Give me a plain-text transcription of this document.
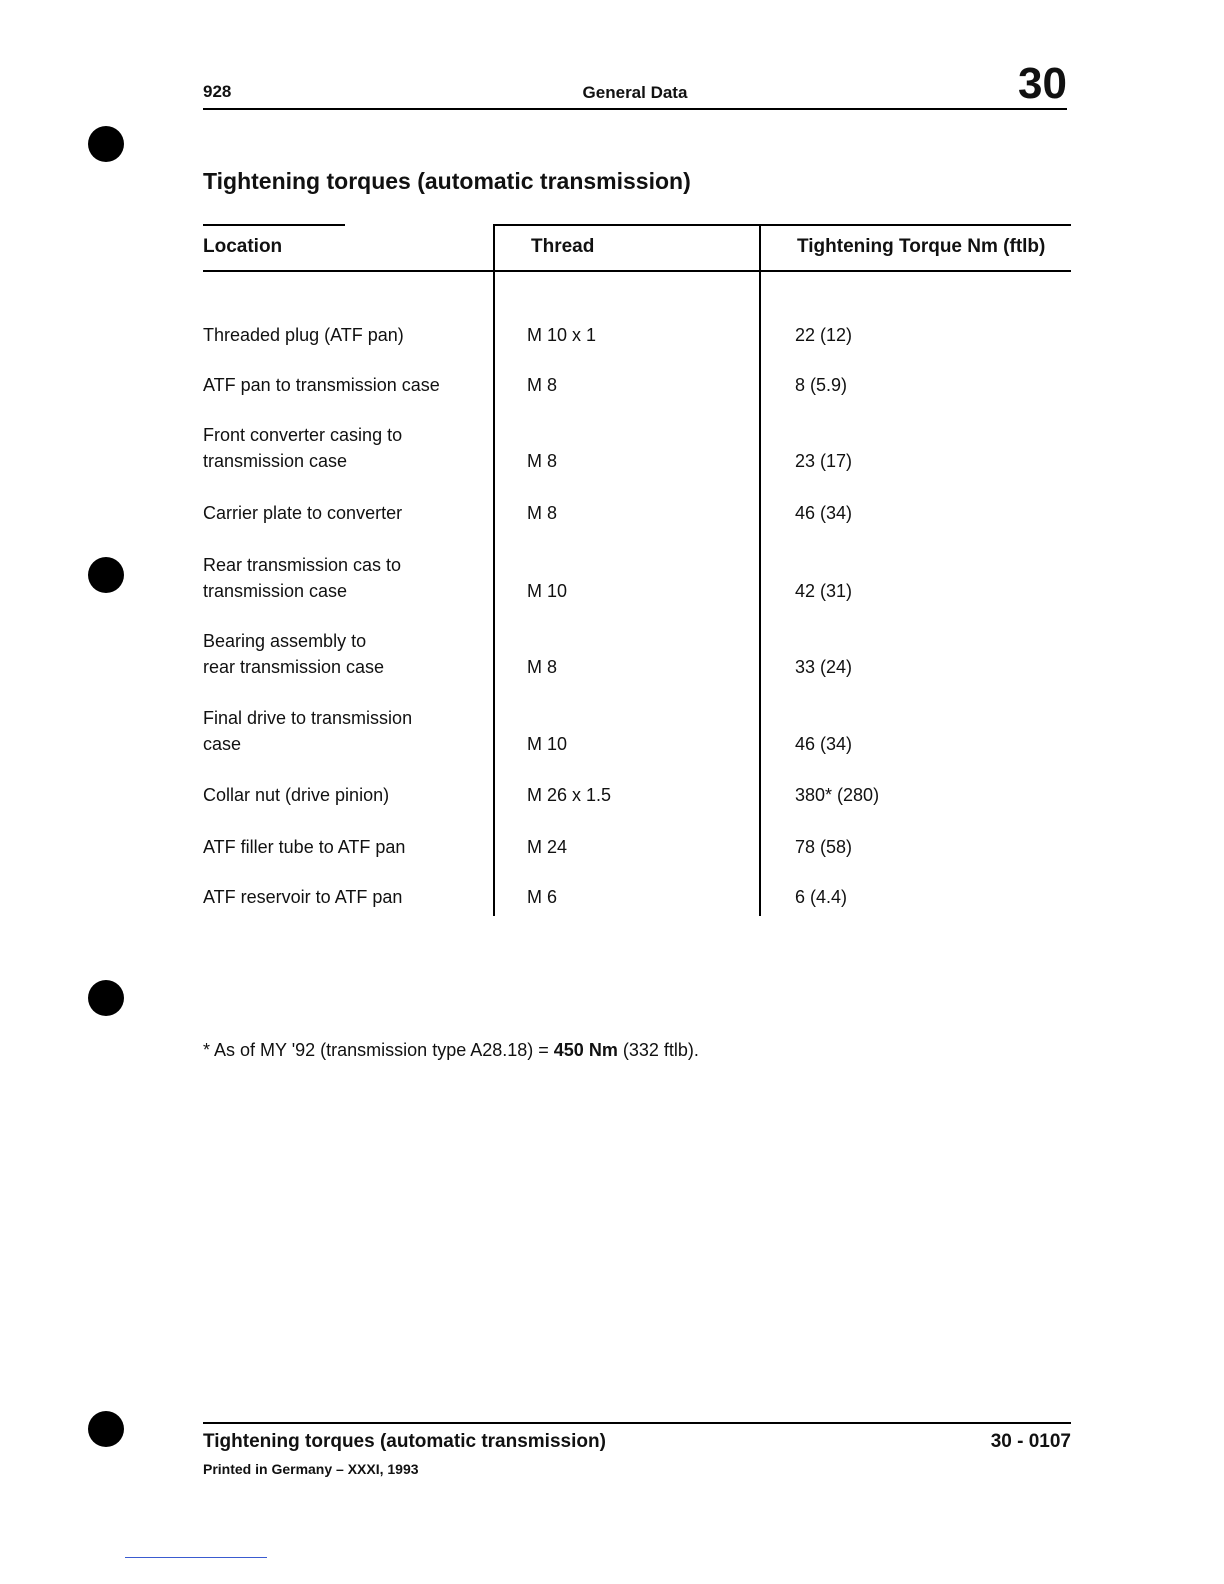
928	General Data	30
Tightening torques (automatic transmission)
Location	Thread	Tightening Torque Nm (ftlb)
Threaded plug (ATF pan)	M 10 x 1	22 (12)
ATF pan to transmission case	M 8	8 (5.9)
Front converter casing to
transmission case	M 8	23 (17)
Carrier plate to converter	M 8	46 (34)
Rear transmission cas to
transmission case	M 10	42 (31)
Bearing assembly to
rear transmission case	M 8	33 (24)
Final drive to transmission
case	M 10	46 (34)
Collar nut (drive pinion)	M 26 x 1.5	380* (280)
ATF filler tube to ATF pan	M 24	78 (58)
ATF reservoir to ATF pan	M 6	6 (4.4)
* As of MY '92 (transmission type A28.18) = 450 Nm (332 ftlb).
Tightening torques (automatic transmission)	30 - 0107
Printed in Germany – XXXI, 1993
